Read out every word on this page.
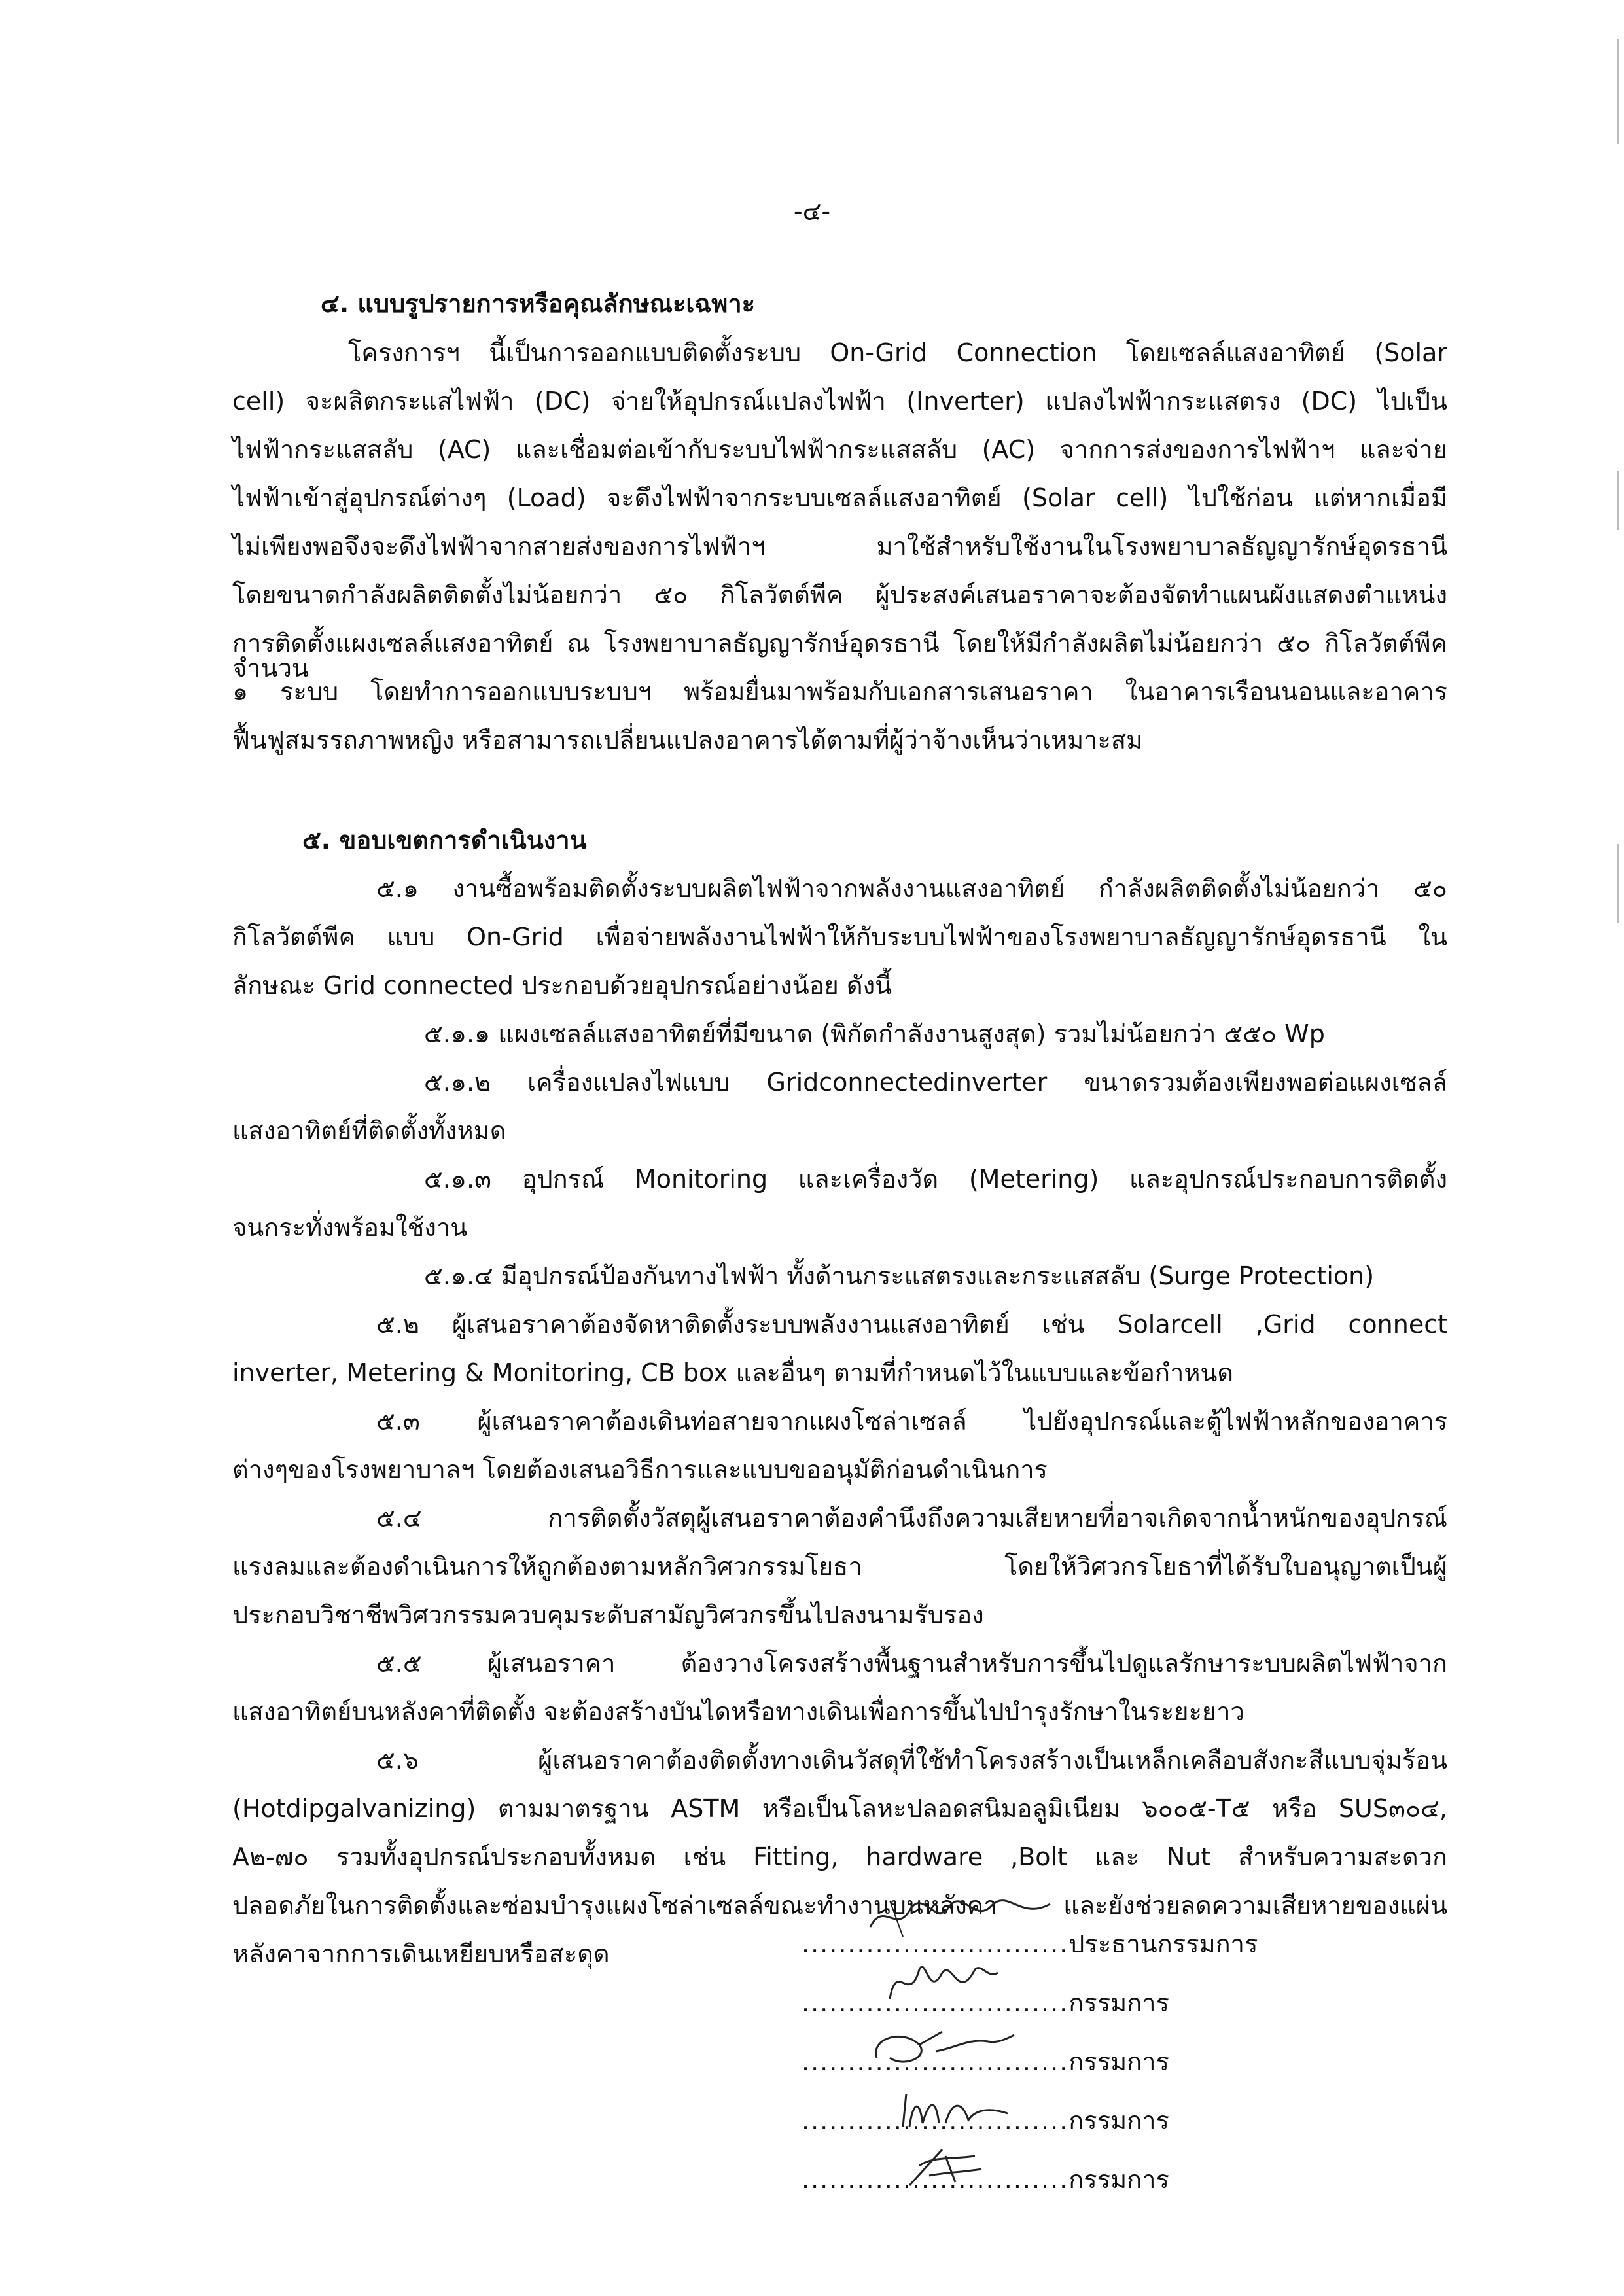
-๔-
๔. แบบรูปรายการหรือคุณลักษณะเฉพาะ
โครงการฯ นี้เป็นการออกแบบติดตั้งระบบ On-Grid Connection โดยเซลล์แสงอาทิตย์ (Solar
cell) จะผลิตกระแสไฟฟ้า (DC) จ่ายให้อุปกรณ์แปลงไฟฟ้า (Inverter) แปลงไฟฟ้ากระแสตรง (DC) ไปเป็น
ไฟฟ้ากระแสสลับ (AC) และเชื่อมต่อเข้ากับระบบไฟฟ้ากระแสสลับ (AC) จากการส่งของการไฟฟ้าฯ และจ่าย
ไฟฟ้าเข้าสู่อุปกรณ์ต่างๆ (Load) จะดึงไฟฟ้าจากระบบเซลล์แสงอาทิตย์ (Solar cell) ไปใช้ก่อน แต่หากเมื่อมี
ไม่เพียงพอจึงจะดึงไฟฟ้าจากสายส่งของการไฟฟ้าฯ มาใช้สำหรับใช้งานในโรงพยาบาลธัญญารักษ์อุดรธานี
โดยขนาดกำลังผลิตติดตั้งไม่น้อยกว่า ๕๐ กิโลวัตต์พีค ผู้ประสงค์เสนอราคาจะต้องจัดทำแผนผังแสดงตำแหน่ง
การติดตั้งแผงเซลล์แสงอาทิตย์ ณ โรงพยาบาลธัญญารักษ์อุดรธานี โดยให้มีกำลังผลิตไม่น้อยกว่า ๕๐ กิโลวัตต์พีค จำนวน
๑ ระบบ โดยทำการออกแบบระบบฯ พร้อมยื่นมาพร้อมกับเอกสารเสนอราคา ในอาคารเรือนนอนและอาคาร
ฟื้นฟูสมรรถภาพหญิง หรือสามารถเปลี่ยนแปลงอาคารได้ตามที่ผู้ว่าจ้างเห็นว่าเหมาะสม
๕. ขอบเขตการดำเนินงาน
๕.๑ งานซื้อพร้อมติดตั้งระบบผลิตไฟฟ้าจากพลังงานแสงอาทิตย์ กำลังผลิตติดตั้งไม่น้อยกว่า ๕๐
กิโลวัตต์พีค แบบ On-Grid เพื่อจ่ายพลังงานไฟฟ้าให้กับระบบไฟฟ้าของโรงพยาบาลธัญญารักษ์อุดรธานี ใน
ลักษณะ Grid connected ประกอบด้วยอุปกรณ์อย่างน้อย ดังนี้
๕.๑.๑ แผงเซลล์แสงอาทิตย์ที่มีขนาด (พิกัดกำลังงานสูงสุด) รวมไม่น้อยกว่า ๕๕๐ Wp
๕.๑.๒ เครื่องแปลงไฟแบบ Gridconnectedinverter ขนาดรวมต้องเพียงพอต่อแผงเซลล์
แสงอาทิตย์ที่ติดตั้งทั้งหมด
๕.๑.๓ อุปกรณ์ Monitoring และเครื่องวัด (Metering) และอุปกรณ์ประกอบการติดตั้ง
จนกระทั่งพร้อมใช้งาน
๕.๑.๔ มีอุปกรณ์ป้องกันทางไฟฟ้า ทั้งด้านกระแสตรงและกระแสสลับ (Surge Protection)
๕.๒ ผู้เสนอราคาต้องจัดหาติดตั้งระบบพลังงานแสงอาทิตย์ เช่น Solarcell ,Grid connect
inverter, Metering & Monitoring, CB box และอื่นๆ ตามที่กำหนดไว้ในแบบและข้อกำหนด
๕.๓ ผู้เสนอราคาต้องเดินท่อสายจากแผงโซล่าเซลล์ ไปยังอุปกรณ์และตู้ไฟฟ้าหลักของอาคาร
ต่างๆของโรงพยาบาลฯ โดยต้องเสนอวิธีการและแบบขออนุมัติก่อนดำเนินการ
๕.๔ การติดตั้งวัสดุผู้เสนอราคาต้องคำนึงถึงความเสียหายที่อาจเกิดจากน้ำหนักของอุปกรณ์
แรงลมและต้องดำเนินการให้ถูกต้องตามหลักวิศวกรรมโยธา โดยให้วิศวกรโยธาที่ได้รับใบอนุญาตเป็นผู้
ประกอบวิชาชีพวิศวกรรมควบคุมระดับสามัญวิศวกรขึ้นไปลงนามรับรอง
๕.๕ ผู้เสนอราคา ต้องวางโครงสร้างพื้นฐานสำหรับการขึ้นไปดูแลรักษาระบบผลิตไฟฟ้าจาก
แสงอาทิตย์บนหลังคาที่ติดตั้ง จะต้องสร้างบันไดหรือทางเดินเพื่อการขึ้นไปบำรุงรักษาในระยะยาว
๕.๖ ผู้เสนอราคาต้องติดตั้งทางเดินวัสดุที่ใช้ทำโครงสร้างเป็นเหล็กเคลือบสังกะสีแบบจุ่มร้อน
(Hotdipgalvanizing) ตามมาตรฐาน ASTM หรือเป็นโลหะปลอดสนิมอลูมิเนียม ๖๐๐๕-T๕ หรือ SUS๓๐๔,
A๒-๗๐ รวมทั้งอุปกรณ์ประกอบทั้งหมด เช่น Fitting, hardware ,Bolt และ Nut สำหรับความสะดวก
ปลอดภัยในการติดตั้งและซ่อมบำรุงแผงโซล่าเซลล์ขณะทำงานบนหลังคา และยังช่วยลดความเสียหายของแผ่น
หลังคาจากการเดินเหยียบหรือสะดุด	.............................ประธานกรรมการ
.............................กรรมการ
.............................กรรมการ
.............................กรรมการ
.............................กรรมการ
